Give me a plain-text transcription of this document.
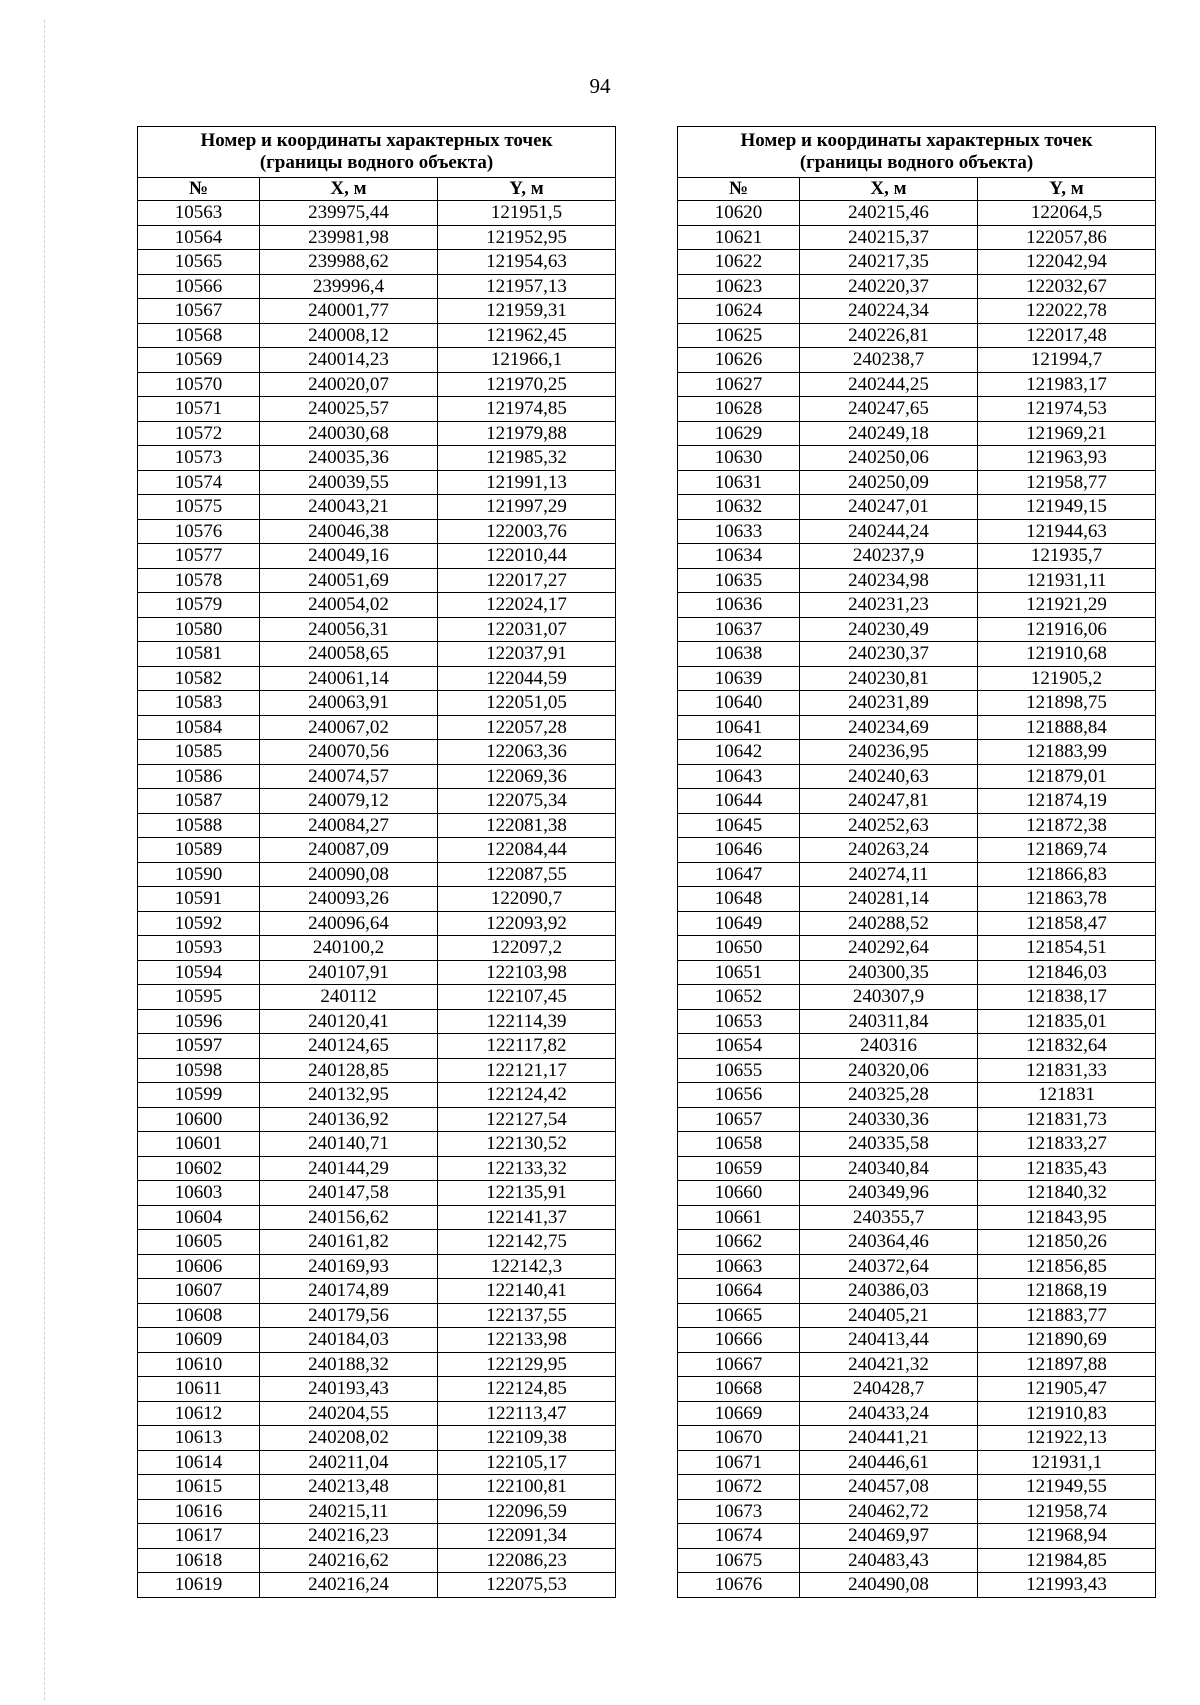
94
Номер и координаты характерных точек
(границы водного объекта)		
№	X, м	Y, м
10563	239975,44	121951,5
10564	239981,98	121952,95
10565	239988,62	121954,63
10566	239996,4	121957,13
10567	240001,77	121959,31
10568	240008,12	121962,45
10569	240014,23	121966,1
10570	240020,07	121970,25
10571	240025,57	121974,85
10572	240030,68	121979,88
10573	240035,36	121985,32
10574	240039,55	121991,13
10575	240043,21	121997,29
10576	240046,38	122003,76
10577	240049,16	122010,44
10578	240051,69	122017,27
10579	240054,02	122024,17
10580	240056,31	122031,07
10581	240058,65	122037,91
10582	240061,14	122044,59
10583	240063,91	122051,05
10584	240067,02	122057,28
10585	240070,56	122063,36
10586	240074,57	122069,36
10587	240079,12	122075,34
10588	240084,27	122081,38
10589	240087,09	122084,44
10590	240090,08	122087,55
10591	240093,26	122090,7
10592	240096,64	122093,92
10593	240100,2	122097,2
10594	240107,91	122103,98
10595	240112	122107,45
10596	240120,41	122114,39
10597	240124,65	122117,82
10598	240128,85	122121,17
10599	240132,95	122124,42
10600	240136,92	122127,54
10601	240140,71	122130,52
10602	240144,29	122133,32
10603	240147,58	122135,91
10604	240156,62	122141,37
10605	240161,82	122142,75
10606	240169,93	122142,3
10607	240174,89	122140,41
10608	240179,56	122137,55
10609	240184,03	122133,98
10610	240188,32	122129,95
10611	240193,43	122124,85
10612	240204,55	122113,47
10613	240208,02	122109,38
10614	240211,04	122105,17
10615	240213,48	122100,81
10616	240215,11	122096,59
10617	240216,23	122091,34
10618	240216,62	122086,23
10619	240216,24	122075,53
Номер и координаты характерных точек
(границы водного объекта)		
№	X, м	Y, м
10620	240215,46	122064,5
10621	240215,37	122057,86
10622	240217,35	122042,94
10623	240220,37	122032,67
10624	240224,34	122022,78
10625	240226,81	122017,48
10626	240238,7	121994,7
10627	240244,25	121983,17
10628	240247,65	121974,53
10629	240249,18	121969,21
10630	240250,06	121963,93
10631	240250,09	121958,77
10632	240247,01	121949,15
10633	240244,24	121944,63
10634	240237,9	121935,7
10635	240234,98	121931,11
10636	240231,23	121921,29
10637	240230,49	121916,06
10638	240230,37	121910,68
10639	240230,81	121905,2
10640	240231,89	121898,75
10641	240234,69	121888,84
10642	240236,95	121883,99
10643	240240,63	121879,01
10644	240247,81	121874,19
10645	240252,63	121872,38
10646	240263,24	121869,74
10647	240274,11	121866,83
10648	240281,14	121863,78
10649	240288,52	121858,47
10650	240292,64	121854,51
10651	240300,35	121846,03
10652	240307,9	121838,17
10653	240311,84	121835,01
10654	240316	121832,64
10655	240320,06	121831,33
10656	240325,28	121831
10657	240330,36	121831,73
10658	240335,58	121833,27
10659	240340,84	121835,43
10660	240349,96	121840,32
10661	240355,7	121843,95
10662	240364,46	121850,26
10663	240372,64	121856,85
10664	240386,03	121868,19
10665	240405,21	121883,77
10666	240413,44	121890,69
10667	240421,32	121897,88
10668	240428,7	121905,47
10669	240433,24	121910,83
10670	240441,21	121922,13
10671	240446,61	121931,1
10672	240457,08	121949,55
10673	240462,72	121958,74
10674	240469,97	121968,94
10675	240483,43	121984,85
10676	240490,08	121993,43
